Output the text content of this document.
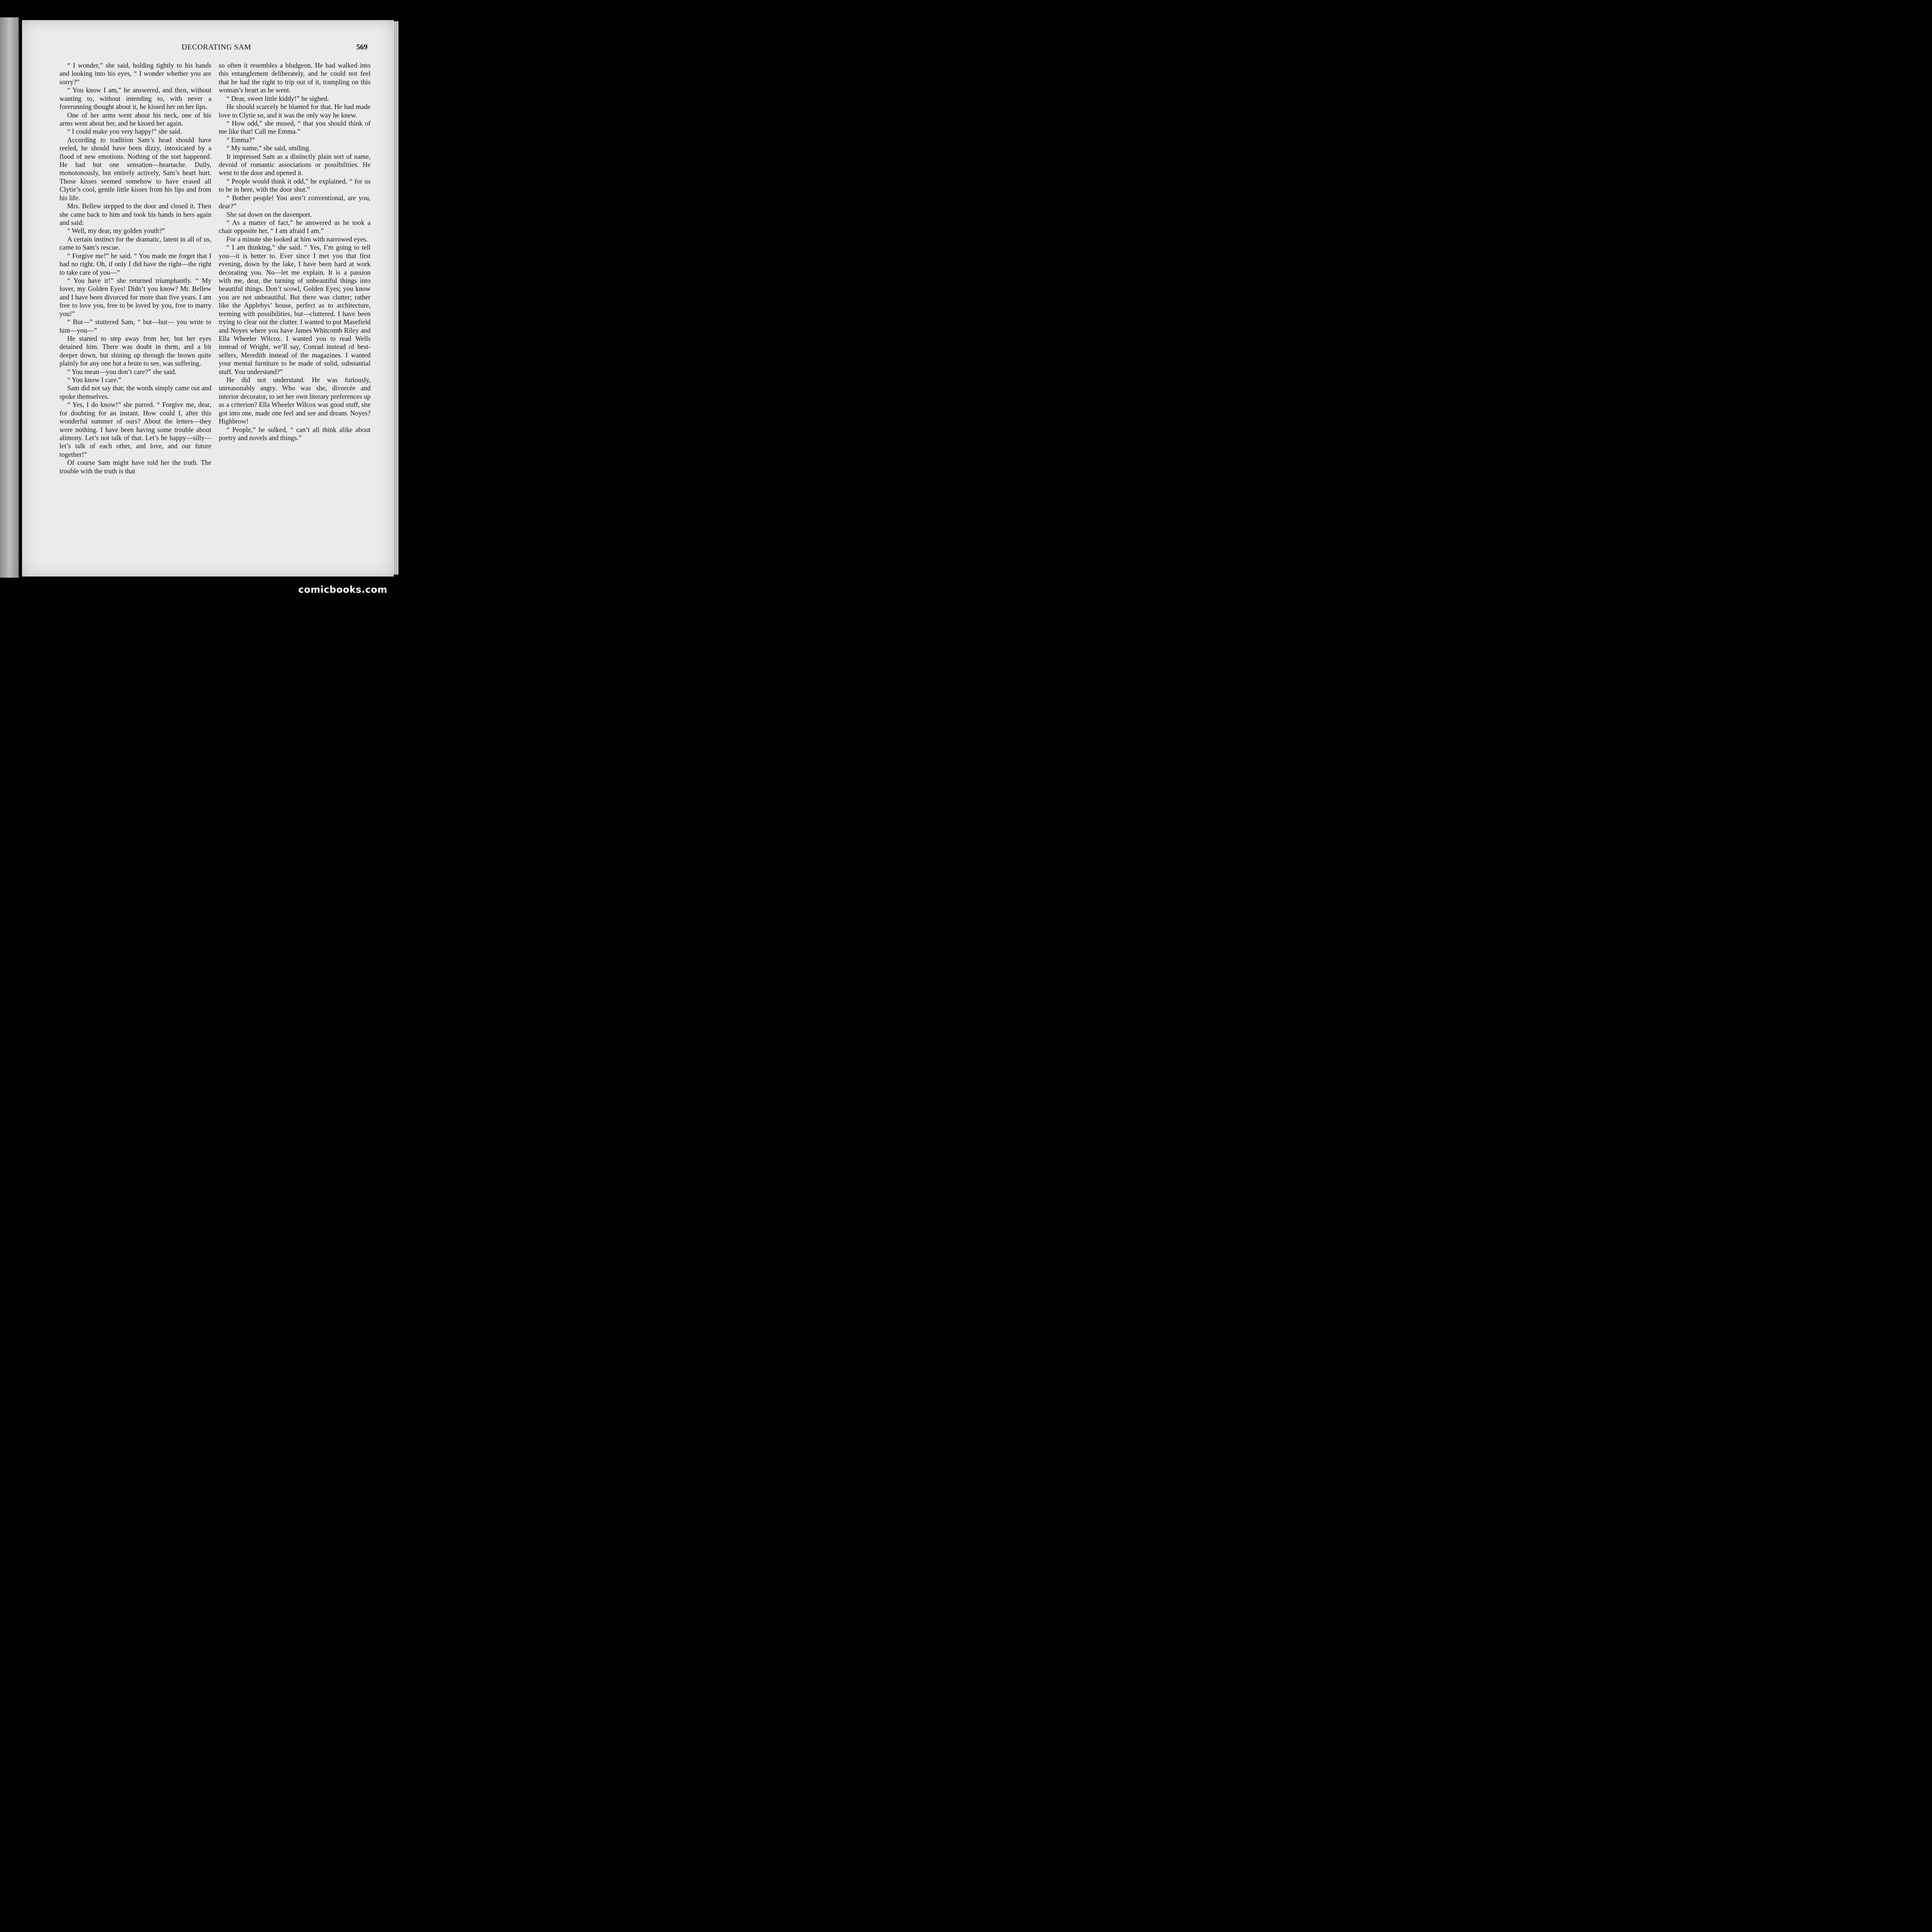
DECORATING SAM	569

“ I wonder,” she said, holding tightly to his hands and looking into his eyes, “ I wonder whether you are sorry?”

“ You know I am,” he answered, and then, without wanting to, without intending to, with never a forerunning thought about it, he kissed her on her lips.

One of her arms went about his neck, one of his arms went about her, and he kissed her again.

“ I could make you very happy!” she said.

According to tradition Sam’s head should have reeled, he should have been dizzy, intoxicated by a flood of new emotions. Nothing of the sort happened. He had but one sensation—heartache. Dully, monotonously, but entirely actively, Sam’s heart hurt. Those kisses seemed somehow to have erased all Clytie’s cool, gentle little kisses from his lips and from his life.

Mrs. Bellew stepped to the door and closed it. Then she came back to him and took his hands in hers again and said:

“ Well, my dear, my golden youth?”

A certain instinct for the dramatic, latent in all of us, came to Sam’s rescue.

“ Forgive me!” he said. “ You made me forget that I had no right. Oh, if only I did have the right—the right to take care of you—”

“ You have it!” she returned triumphantly. “ My lover, my Golden Eyes! Didn’t you know? Mr. Bellew and I have been divorced for more than five years. I am free to love you, free to be loved by you, free to marry you!”

“ But—” stuttered Sam, “ but—but— you write to him—you—”

He started to step away from her, but her eyes detained him. There was doubt in them, and a bit deeper down, but shining up through the brown quite plainly for any one but a brute to see, was suffering.

“ You mean—you don’t care?” she said.

“ You know I care.”

Sam did not say that; the words simply came out and spoke themselves.

“ Yes, I do know!” she purred. “ Forgive me, dear, for doubting for an instant. How could I, after this wonderful summer of ours? About the letters—they were nothing. I have been having some trouble about alimony. Let’s not talk of that. Let’s be happy—silly—let’s talk of each other, and love, and our future together!”

Of course Sam might have told her the truth. The trouble with the truth is that

so often it resembles a bludgeon. He had walked into this entanglement deliberately, and he could not feel that he had the right to trip out of it, trampling on this woman’s heart as he went.

“ Dear, sweet little kiddy!” he sighed.

He should scarcely be blamed for that. He had made love to Clytie so, and it was the only way he knew.

“ How odd,” she mused, “ that you should think of me like that! Call me Emma.”

“ Emma?”

“ My name,” she said, smiling.

It impressed Sam as a distinctly plain sort of name, devoid of romantic associations or possibilities. He went to the door and opened it.

“ People would think it odd,” he explained, “ for us to be in here, with the door shut.”

“ Bother people! You aren’t conventional, are you, dear?”

She sat down on the davenport.

“ As a matter of fact,” he answered as he took a chair opposite her, “ I am afraid I am.”

For a minute she looked at him with narrowed eyes.

“ I am thinking,” she said. “ Yes, I’m going to tell you—it is better to. Ever since I met you that first evening, down by the lake, I have been hard at work decorating you. No—let me explain. It is a passion with me, dear, the turning of unbeautiful things into beautiful things. Don’t scowl, Golden Eyes; you know you are not unbeautiful. But there was clutter; rather like the Applebys’ house, perfect as to architecture, teeming with possibilities, but—cluttered. I have been trying to clear out the clutter. I wanted to put Masefield and Noyes where you have James Whitcomb Riley and Ella Wheeler Wilcox. I wanted you to read Wells instead of Wright, we’ll say, Conrad instead of best-sellers, Meredith instead of the magazines. I wanted your mental furniture to be made of solid, substantial stuff. You understand?”

He did not understand. He was furiously, unreasonably angry. Who was she, divorcée and interior decorator, to set her own literary preferences up as a criterion? Ella Wheeler Wilcox was good stuff, she got into one, made one feel and see and dream. Noyes? Highbrow!

“ People,” he sulked, “ can’t all think alike about poetry and novels and things.”

comicbooks.com
